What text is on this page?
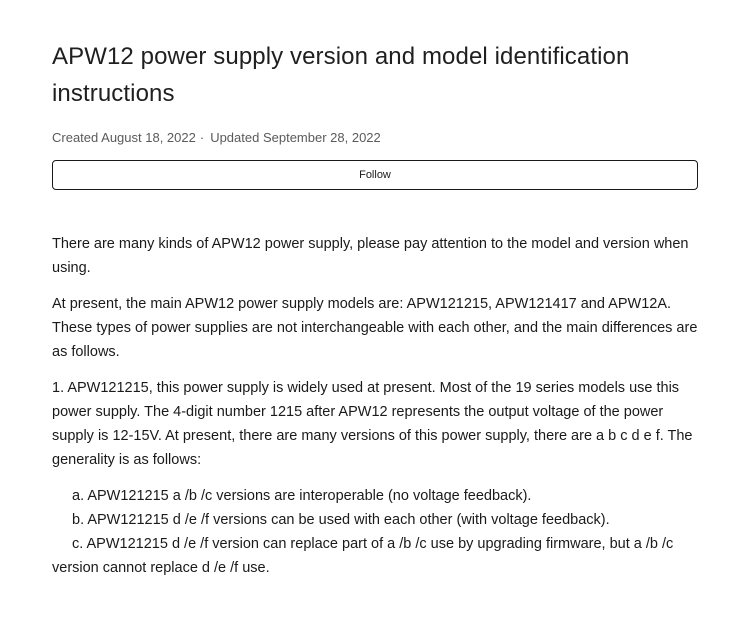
APW12 power supply version and model identification instructions
Created August 18, 2022 · Updated September 28, 2022
Follow

There are many kinds of APW12 power supply, please pay attention to the model and version when using.

At present, the main APW12 power supply models are: APW121215, APW121417 and APW12A. These types of power supplies are not interchangeable with each other, and the main differences are as follows.

1. APW121215, this power supply is widely used at present. Most of the 19 series models use this power supply. The 4-digit number 1215 after APW12 represents the output voltage of the power supply is 12-15V. At present, there are many versions of this power supply, there are a b c d e f. The generality is as follows:

a. APW121215 a /b /c versions are interoperable (no voltage feedback).

b. APW121215 d /e /f versions can be used with each other (with voltage feedback).

c. APW121215 d /e /f version can replace part of a /b /c use by upgrading firmware, but a /b /c version cannot replace d /e /f use.
